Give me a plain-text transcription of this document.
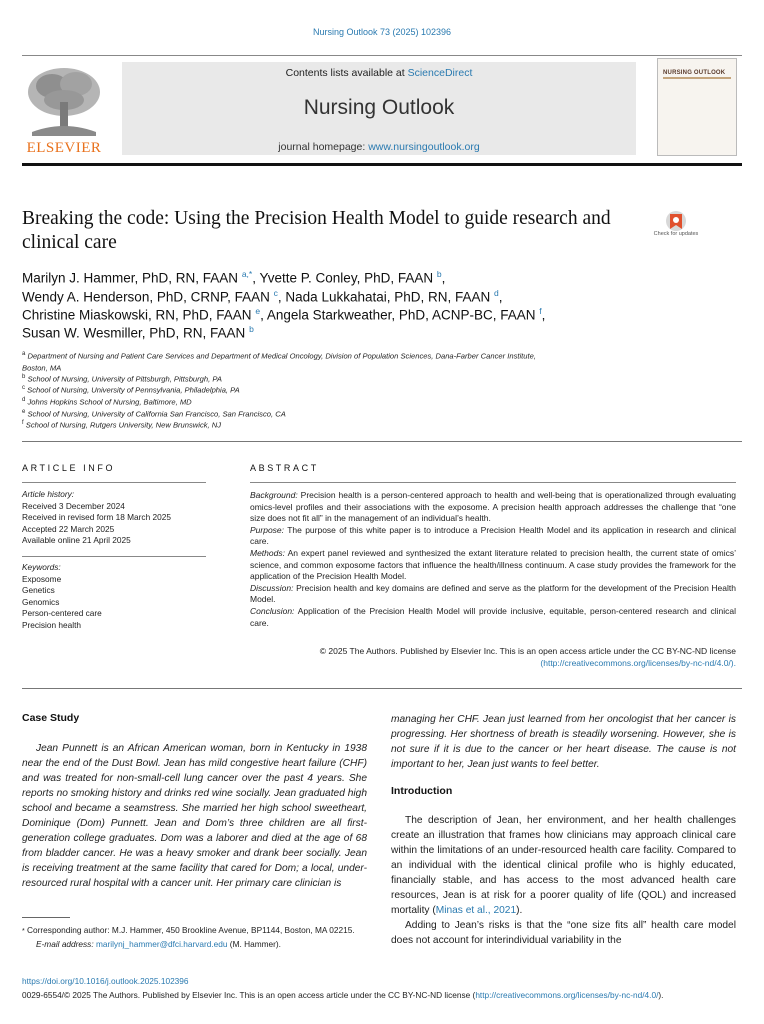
Nursing Outlook 73 (2025) 102396
ELSEVIER
Contents lists available at ScienceDirect
Nursing Outlook
journal homepage: www.nursingoutlook.org
NURSING OUTLOOK
Breaking the code: Using the Precision Health Model to guide research and clinical care	Check for updates
Marilyn J. Hammer, PhD, RN, FAAN $^{a,*}$, Yvette P. Conley, PhD, FAAN $^b$,
Wendy A. Henderson, PhD, CRNP, FAAN $^c$, Nada Lukkahatai, PhD, RN, FAAN $^d$,
Christine Miaskowski, RN, PhD, FAAN $^e$, Angela Starkweather, PhD, ACNP-BC, FAAN $^f$,
Susan W. Wesmiller, PhD, RN, FAAN $^b$
$^a$ Department of Nursing and Patient Care Services and Department of Medical Oncology, Division of Population Sciences, Dana-Farber Cancer Institute,
Boston, MA
$^b$ School of Nursing, University of Pittsburgh, Pittsburgh, PA
$^c$ School of Nursing, University of Pennsylvania, Philadelphia, PA
$^d$ Johns Hopkins School of Nursing, Baltimore, MD
$^e$ School of Nursing, University of California San Francisco, San Francisco, CA
$^f$ School of Nursing, Rutgers University, New Brunswick, NJ
ARTICLE INFO
Article history:
Received 3 December 2024
Received in revised form 18 March 2025
Accepted 22 March 2025
Available online 21 April 2025
Keywords:
Exposome
Genetics
Genomics
Person-centered care
Precision health
ABSTRACT

Background: Precision health is a person-centered approach to health and well-being that is operationalized through evaluating omics-level profiles and their associations with the exposome. A precision health approach addresses the challenge that “one size does not fit all” in the management of an individual’s health.

Purpose: The purpose of this white paper is to introduce a Precision Health Model and its application in research and clinical care.

Methods: An expert panel reviewed and synthesized the extant literature related to precision health, the current state of omics’ science, and common exposome factors that influence the health/illness continuum. A case study provides the framework for the application of the Precision Health Model.

Discussion: Precision health and key domains are defined and serve as the platform for the development of the Precision Health Model.

Conclusion: Application of the Precision Health Model will provide inclusive, equitable, person-centered research and clinical care.

© 2025 The Authors. Published by Elsevier Inc. This is an open access article under the CC BY-NC-ND license
(http://creativecommons.org/licenses/by-nc-nd/4.0/).
Case Study

Jean Punnett is an African American woman, born in Kentucky in 1938 near the end of the Dust Bowl. Jean has mild congestive heart failure (CHF) and was treated for non-small-cell lung cancer over the past 4 years. She reports no smoking history and drinks red wine socially. Jean graduated high school and became a seamstress. She married her high school sweetheart, Dominique (Dom) Punnett. Jean and Dom’s three children are all first-generation college graduates. Dom was a laborer and died at the age of 68 from bladder cancer. He was a heavy smoker and drank beer socially. Jean is receiving treatment at the same facility that cared for Dom; a local, under-resourced rural hospital with a cancer unit. Her primary care clinician is

* Corresponding author: M.J. Hammer, 450 Brookline Avenue, BP1144, Boston, MA 02215.
E-mail address: marilynj_hammer@dfci.harvard.edu (M. Hammer).

managing her CHF. Jean just learned from her oncologist that her cancer is progressing. Her shortness of breath is steadily worsening. However, she is not sure if it is due to the cancer or her heart disease. The cause is not important to her, Jean just wants to feel better.

Introduction

The description of Jean, her environment, and her health challenges create an illustration that frames how clinicians may approach clinical care within the limitations of an under-resourced health care facility. Compared to an individual with the identical clinical profile who is highly educated, financially stable, and has access to the most advanced health care resources, Jean is at risk for a poorer quality of life (QOL) and increased mortality (Minas et al., 2021).

Adding to Jean’s risks is that the “one size fits all” health care model does not account for interindividual variability in the

https://doi.org/10.1016/j.outlook.2025.102396
0029-6554/© 2025 The Authors. Published by Elsevier Inc. This is an open access article under the CC BY-NC-ND license (http://creativecommons.org/licenses/by-nc-nd/4.0/).
